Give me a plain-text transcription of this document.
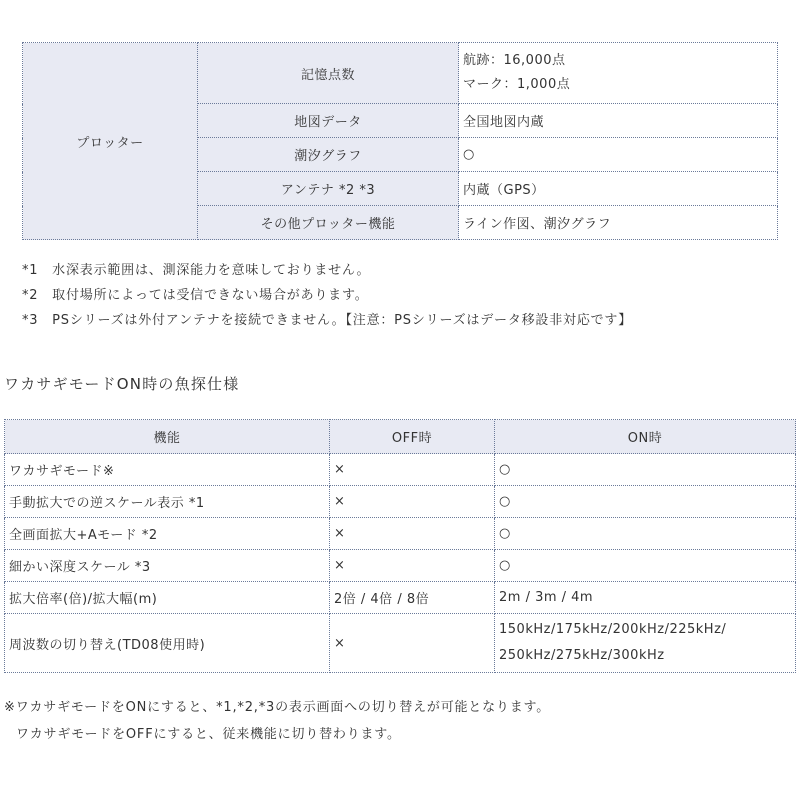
プロッター	記憶点数	航跡：16,000点
マーク：1,000点

	地図データ	全国地図内蔵
	潮汐グラフ	○
	アンテナ *2 *3	内蔵（GPS）
	その他プロッター機能	ライン作図、潮汐グラフ
*1　水深表示範囲は、測深能力を意味しておりません。
*2　取付場所によっては受信できない場合があります。
*3　PSシリーズは外付アンテナを接続できません。【注意：PSシリーズはデータ移設非対応です】
ワカサギモードON時の魚探仕様
機能	OFF時	ON時
ワカサギモード※	×	○
手動拡大での逆スケール表示 *1	×	○
全画面拡大+Aモード *2	×	○
細かい深度スケール *3	×	○
拡大倍率(倍)/拡大幅(m)	2倍 / 4倍 / 8倍	2m / 3m / 4m
周波数の切り替え(TD08使用時)	×	150kHz/175kHz/200kHz/225kHz/
250kHz/275kHz/300kHz
※ワカサギモードをONにすると、*1,*2,*3の表示画面への切り替えが可能となります。
ワカサギモードをOFFにすると、従来機能に切り替わります。
